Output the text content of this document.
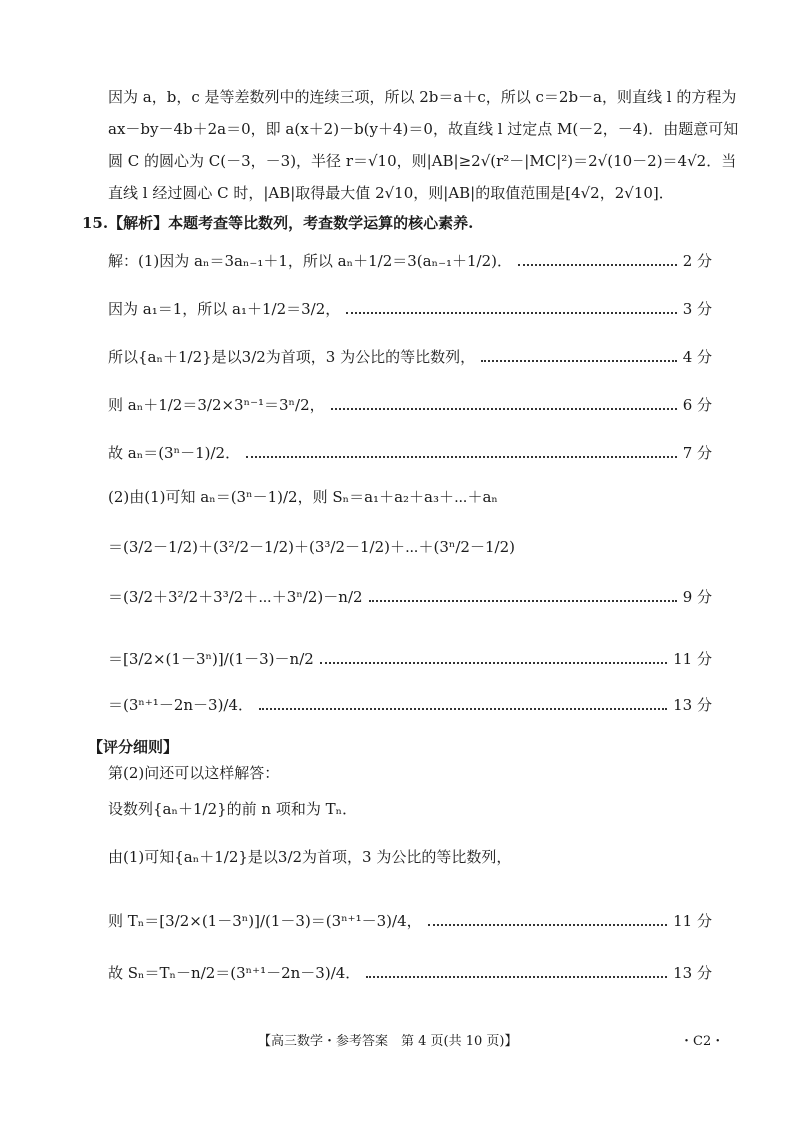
因为 a，b，c 是等差数列中的连续三项，所以 2b＝a＋c，所以 c＝2b－a，则直线 l 的方程为
ax－by－4b＋2a＝0，即 a(x＋2)－b(y＋4)＝0，故直线 l 过定点 M(－2，－4)．由题意可知
圆 C 的圆心为 C(－3，－3)，半径 r＝√10，则|AB|≥2√(r²－|MC|²)＝2√(10－2)＝4√2．当
直线 l 经过圆心 C 时，|AB|取得最大值 2√10，则|AB|的取值范围是[4√2，2√10]．
15.【解析】本题考查等比数列，考查数学运算的核心素养.
解：(1)因为 aₙ＝3aₙ₋₁＋1，所以 aₙ＋1/2＝3(aₙ₋₁＋1/2)．	2 分
因为 a₁＝1，所以 a₁＋1/2＝3/2，	3 分
所以{aₙ＋1/2}是以3/2为首项，3 为公比的等比数列，	4 分
则 aₙ＋1/2＝3/2×3ⁿ⁻¹＝3ⁿ/2，	6 分
故 aₙ＝(3ⁿ－1)/2．	7 分
(2)由(1)可知 aₙ＝(3ⁿ－1)/2，则 Sₙ＝a₁＋a₂＋a₃＋⋯＋aₙ
＝(3/2－1/2)＋(3²/2－1/2)＋(3³/2－1/2)＋⋯＋(3ⁿ/2－1/2)
＝(3/2＋3²/2＋3³/2＋⋯＋3ⁿ/2)－n/2	9 分
＝[3/2×(1－3ⁿ)]/(1－3)－n/2	11 分
＝(3ⁿ⁺¹－2n－3)/4．	13 分
【评分细则】
第(2)问还可以这样解答：
设数列{aₙ＋1/2}的前 n 项和为 Tₙ．
由(1)可知{aₙ＋1/2}是以3/2为首项，3 为公比的等比数列，
则 Tₙ＝[3/2×(1－3ⁿ)]/(1－3)＝(3ⁿ⁺¹－3)/4，	11 分
故 Sₙ＝Tₙ－n/2＝(3ⁿ⁺¹－2n－3)/4．	13 分
【高三数学・参考答案　第 4 页(共 10 页)】	・C2・
